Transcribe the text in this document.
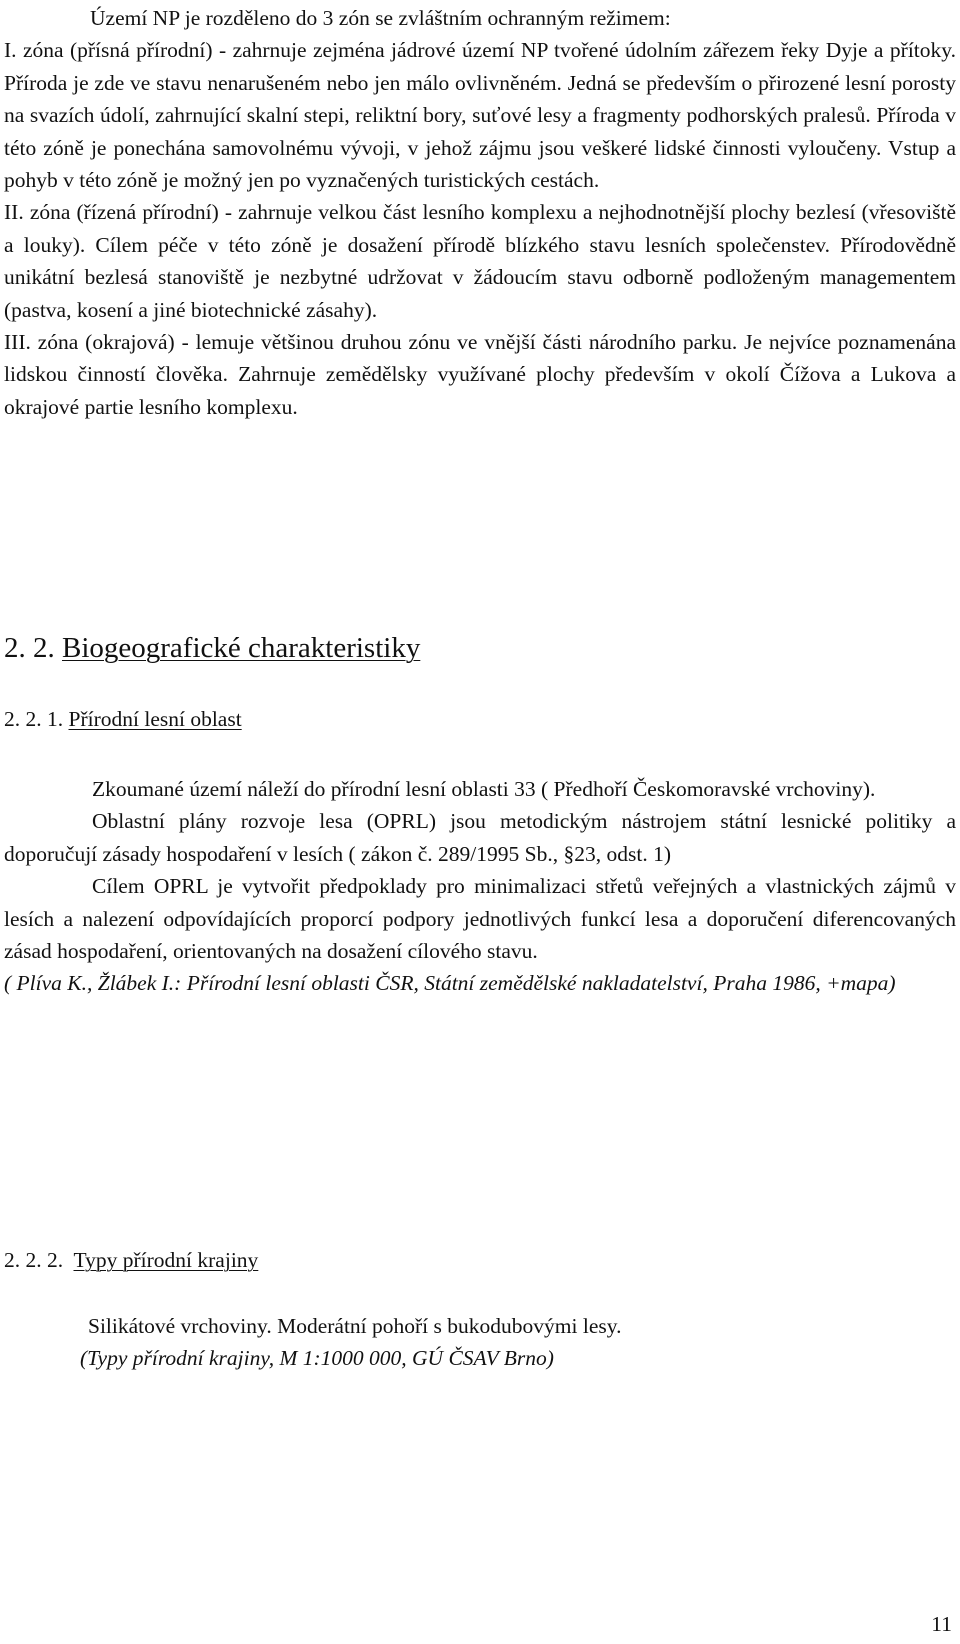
Území NP je rozděleno do 3 zón se zvláštním ochranným režimem:
I. zóna (přísná přírodní) - zahrnuje zejména jádrové území NP tvořené údolním zářezem řeky Dyje a přítoky. Příroda je zde ve stavu nenarušeném nebo jen málo ovlivněném. Jedná se především o přirozené lesní porosty na svazích údolí, zahrnující skalní stepi, reliktní bory, suťové lesy a fragmenty podhorských pralesů. Příroda v této zóně je ponechána samovolnému vývoji, v jehož zájmu jsou veškeré lidské činnosti vyloučeny. Vstup a pohyb v této zóně je možný jen po vyznačených turistických cestách.
II. zóna (řízená přírodní) - zahrnuje velkou část lesního komplexu a nejhodnotnější plochy bezlesí (vřesoviště a louky). Cílem péče v této zóně je dosažení přírodě blízkého stavu lesních společenstev. Přírodovědně unikátní bezlesá stanoviště je nezbytné udržovat v žádoucím stavu odborně podloženým managementem (pastva, kosení a jiné biotechnické zásahy).
III. zóna (okrajová) - lemuje většinou druhou zónu ve vnější části národního parku. Je nejvíce poznamenána lidskou činností člověka. Zahrnuje zemědělsky využívané plochy především v okolí Čížova a Lukova a okrajové partie lesního komplexu.
2. 2. Biogeografické charakteristiky
2. 2. 1. Přírodní lesní oblast
Zkoumané území náleží do přírodní lesní oblasti 33 ( Předhoří Českomoravské vrchoviny).
Oblastní plány rozvoje lesa (OPRL) jsou metodickým nástrojem státní lesnické politiky a doporučují zásady hospodaření v lesích ( zákon č. 289/1995 Sb., §23, odst. 1)
Cílem OPRL je vytvořit předpoklady pro minimalizaci střetů veřejných a vlastnických zájmů v lesích a nalezení odpovídajících proporcí podpory jednotlivých funkcí lesa a doporučení diferencovaných zásad hospodaření, orientovaných na dosažení cílového stavu.
( Plíva K., Žlábek I.: Přírodní lesní oblasti ČSR, Státní zemědělské nakladatelství, Praha 1986, +mapa)
2. 2. 2. Typy přírodní krajiny
Silikátové vrchoviny. Moderátní pohoří s bukodubovými lesy.
(Typy přírodní krajiny, M 1:1000 000, GÚ ČSAV Brno)
11
